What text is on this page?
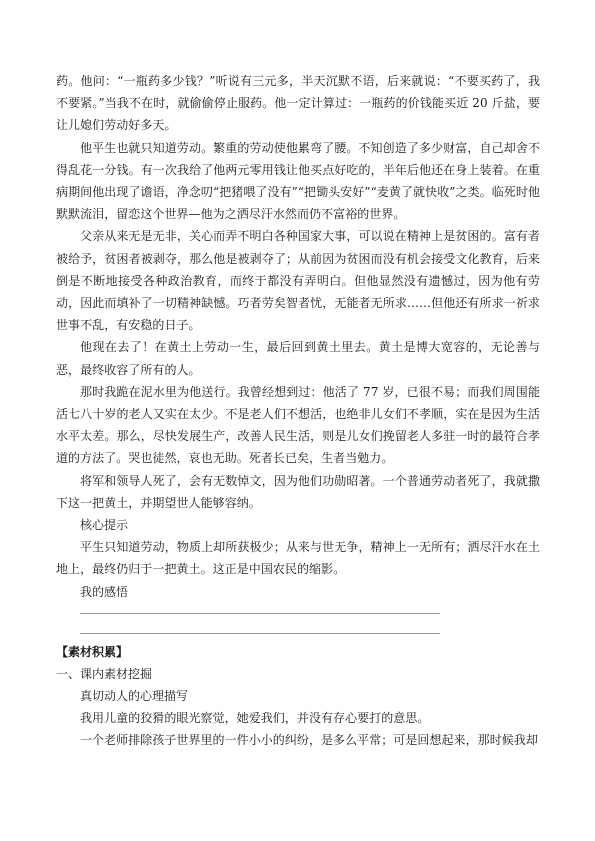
药。他问：“一瓶药多少钱？”听说有三元多，半天沉默不语，后来就说：“不要买药了，我不要紧。”当我不在时，就偷偷停止服药。他一定计算过：一瓶药的价钱能买近 20 斤盐，要让儿媳们劳动好多天。

他平生也就只知道劳动。繁重的劳动使他累弯了腰。不知创造了多少财富，自己却舍不得乱花一分钱。有一次我给了他两元零用钱让他买点好吃的，半年后他还在身上装着。在重病期间他出现了谵语，净念叨“把猪喂了没有”“把锄头安好”“麦黄了就快收”之类。临死时他默默流泪，留恋这个世界—他为之洒尽汗水然而仍不富裕的世界。

父亲从来无是无非，关心而弄不明白各种国家大事，可以说在精神上是贫困的。富有者被给予，贫困者被剥夺，那么他是被剥夺了；从前因为贫困而没有机会接受文化教育，后来倒是不断地接受各种政治教育，而终于都没有弄明白。但他显然没有遗憾过，因为他有劳动，因此而填补了一切精神缺憾。巧者劳矣智者忧，无能者无所求……但他还有所求一祈求世事不乱，有安稳的日子。

他现在去了！在黄土上劳动一生，最后回到黄土里去。黄土是博大宽容的，无论善与恶，最终收容了所有的人。

那时我跪在泥水里为他送行。我曾经想到过：他活了 77 岁，已很不易；而我们周围能活七八十岁的老人又实在太少。不是老人们不想活，也绝非儿女们不孝顺，实在是因为生活水平太差。那么，尽快发展生产，改善人民生活，则是儿女们挽留老人多驻一时的最符合孝道的方法了。哭也徒然，哀也无助。死者长已矣，生者当勉力。

将军和领导人死了，会有无数悼文，因为他们功勋昭著。一个普通劳动者死了，我就撒下这一把黄土，并期望世人能够容纳。

核心提示

平生只知道劳动，物质上却所获极少；从来与世无争，精神上一无所有；洒尽汗水在土地上，最终仍归于一把黄土。这正是中国农民的缩影。

我的感悟

【素材积累】

一、课内素材挖掘

真切动人的心理描写

我用儿童的狡猾的眼光察觉，她爱我们，并没有存心要打的意思。

一个老师排除孩子世界里的一件小小的纠纷，是多么平常；可是回想起来，那时候我却
